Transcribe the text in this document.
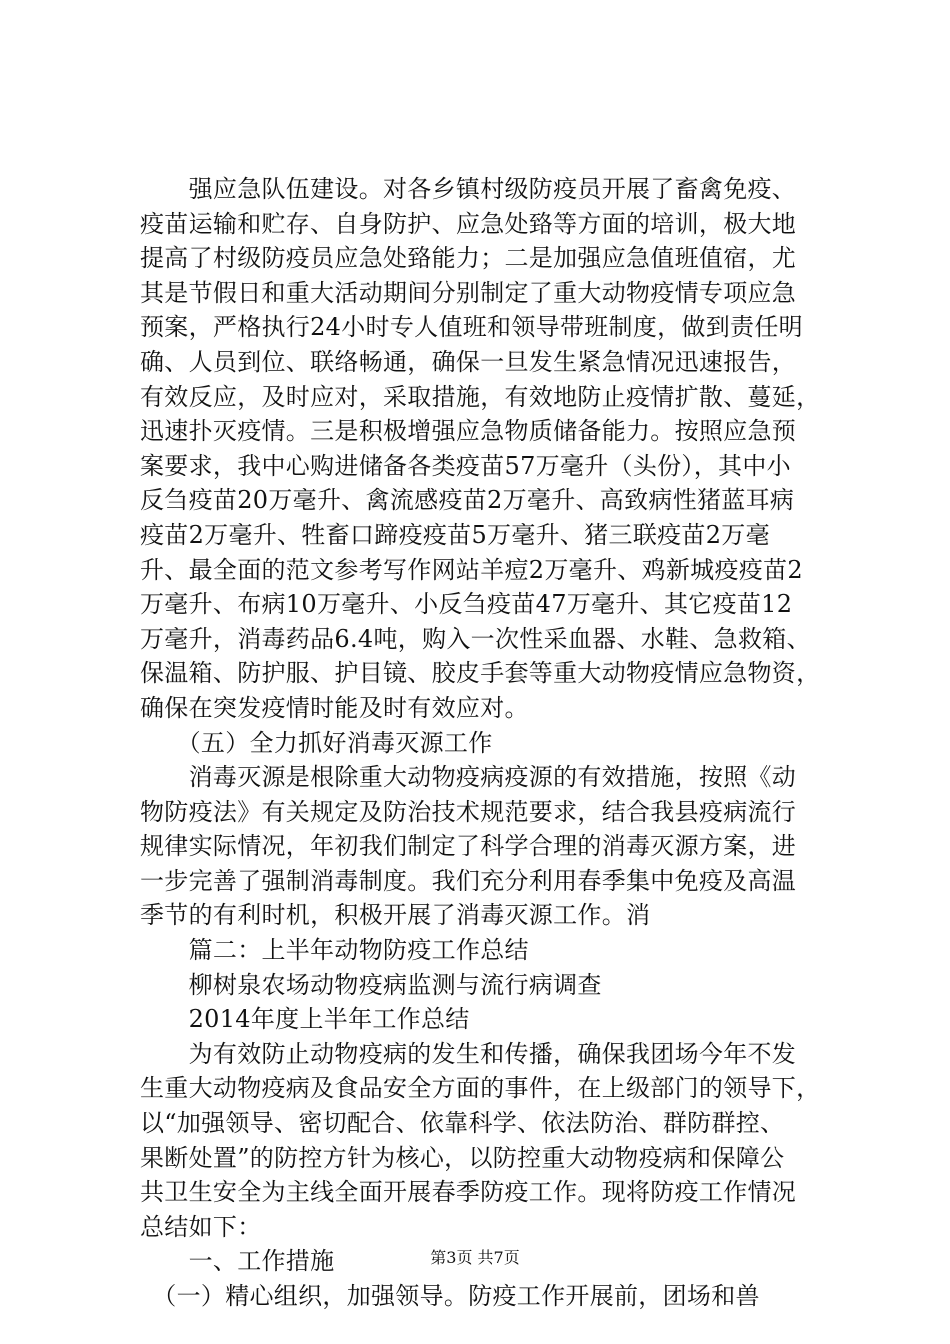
　　强应急队伍建设。对各乡镇村级防疫员开展了畜禽免疫、
疫苗运输和贮存、自身防护、应急处臵等方面的培训，极大地
提高了村级防疫员应急处臵能力；二是加强应急值班值宿，尤
其是节假日和重大活动期间分别制定了重大动物疫情专项应急
预案，严格执行24小时专人值班和领导带班制度，做到责任明
确、人员到位、联络畅通，确保一旦发生紧急情况迅速报告，
有效反应，及时应对，采取措施，有效地防止疫情扩散、蔓延，
迅速扑灭疫情。三是积极增强应急物质储备能力。按照应急预
案要求，我中心购进储备各类疫苗57万毫升（头份），其中小
反刍疫苗20万毫升、禽流感疫苗2万毫升、高致病性猪蓝耳病
疫苗2万毫升、牲畜口蹄疫疫苗5万毫升、猪三联疫苗2万毫
升、最全面的范文参考写作网站羊痘2万毫升、鸡新城疫疫苗2
万毫升、布病10万毫升、小反刍疫苗47万毫升、其它疫苗12
万毫升，消毒药品6.4吨，购入一次性采血器、水鞋、急救箱、
保温箱、防护服、护目镜、胶皮手套等重大动物疫情应急物资，
确保在突发疫情时能及时有效应对。
　　（五）全力抓好消毒灭源工作
　　消毒灭源是根除重大动物疫病疫源的有效措施，按照《动
物防疫法》有关规定及防治技术规范要求，结合我县疫病流行
规律实际情况，年初我们制定了科学合理的消毒灭源方案，进
一步完善了强制消毒制度。我们充分利用春季集中免疫及高温
季节的有利时机，积极开展了消毒灭源工作。消
　　篇二：上半年动物防疫工作总结
　　柳树泉农场动物疫病监测与流行病调查
　　2014年度上半年工作总结
　　为有效防止动物疫病的发生和传播，确保我团场今年不发
生重大动物疫病及食品安全方面的事件，在上级部门的领导下，
以“加强领导、密切配合、依靠科学、依法防治、群防群控、
果断处置”的防控方针为核心，以防控重大动物疫病和保障公
共卫生安全为主线全面开展春季防疫工作。现将防疫工作情况
总结如下：
　　一、工作措施
　（一）精心组织，加强领导。防疫工作开展前，团场和兽
第3页 共7页
